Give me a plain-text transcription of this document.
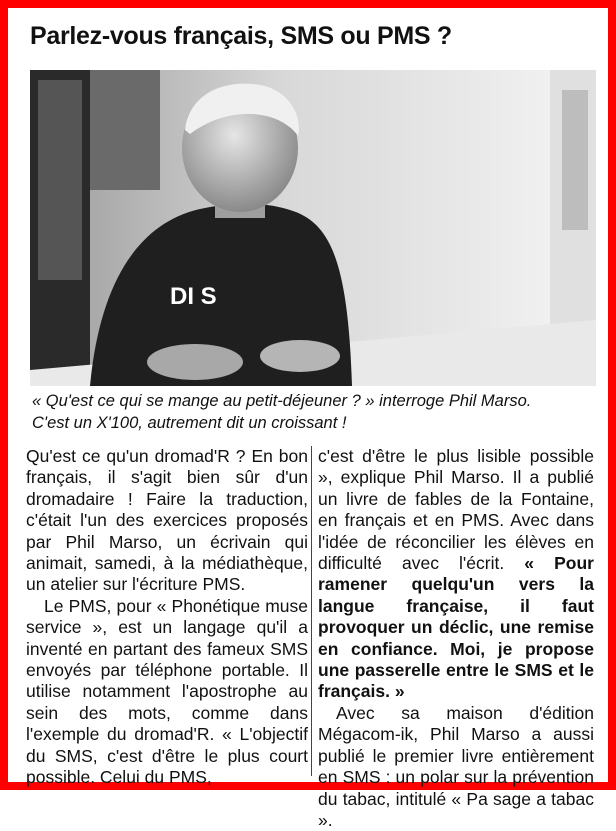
Parlez-vous français, SMS ou PMS ?
DI S
« Qu'est ce qui se mange au petit-déjeuner ? » interroge Phil Marso.
C'est un X'100, autrement dit un croissant !

Qu'est ce qu'un dromad'R ? En bon français, il s'agit bien sûr d'un dromadaire ! Faire la traduction, c'était l'un des exercices proposés par Phil Marso, un écrivain qui animait, samedi, à la médiathèque, un atelier sur l'écriture PMS.

Le PMS, pour « Phonétique muse service », est un langage qu'il a inventé en partant des fameux SMS envoyés par téléphone portable. Il utilise notamment l'apostrophe au sein des mots, comme dans l'exemple du dromad'R. « L'objectif du SMS, c'est d'être le plus court possible. Celui du PMS,

c'est d'être le plus lisible possible », explique Phil Marso. Il a publié un livre de fables de la Fontaine, en français et en PMS. Avec dans l'idée de réconcilier les élèves en difficulté avec l'écrit. « Pour ramener quelqu'un vers la langue française, il faut provoquer un déclic, une remise en confiance. Moi, je propose une passerelle entre le SMS et le français. »

Avec sa maison d'édition Mégacom-ik, Phil Marso a aussi publié le premier livre entièrement en SMS : un polar sur la prévention du tabac, intitulé « Pa sage a tabac ».
